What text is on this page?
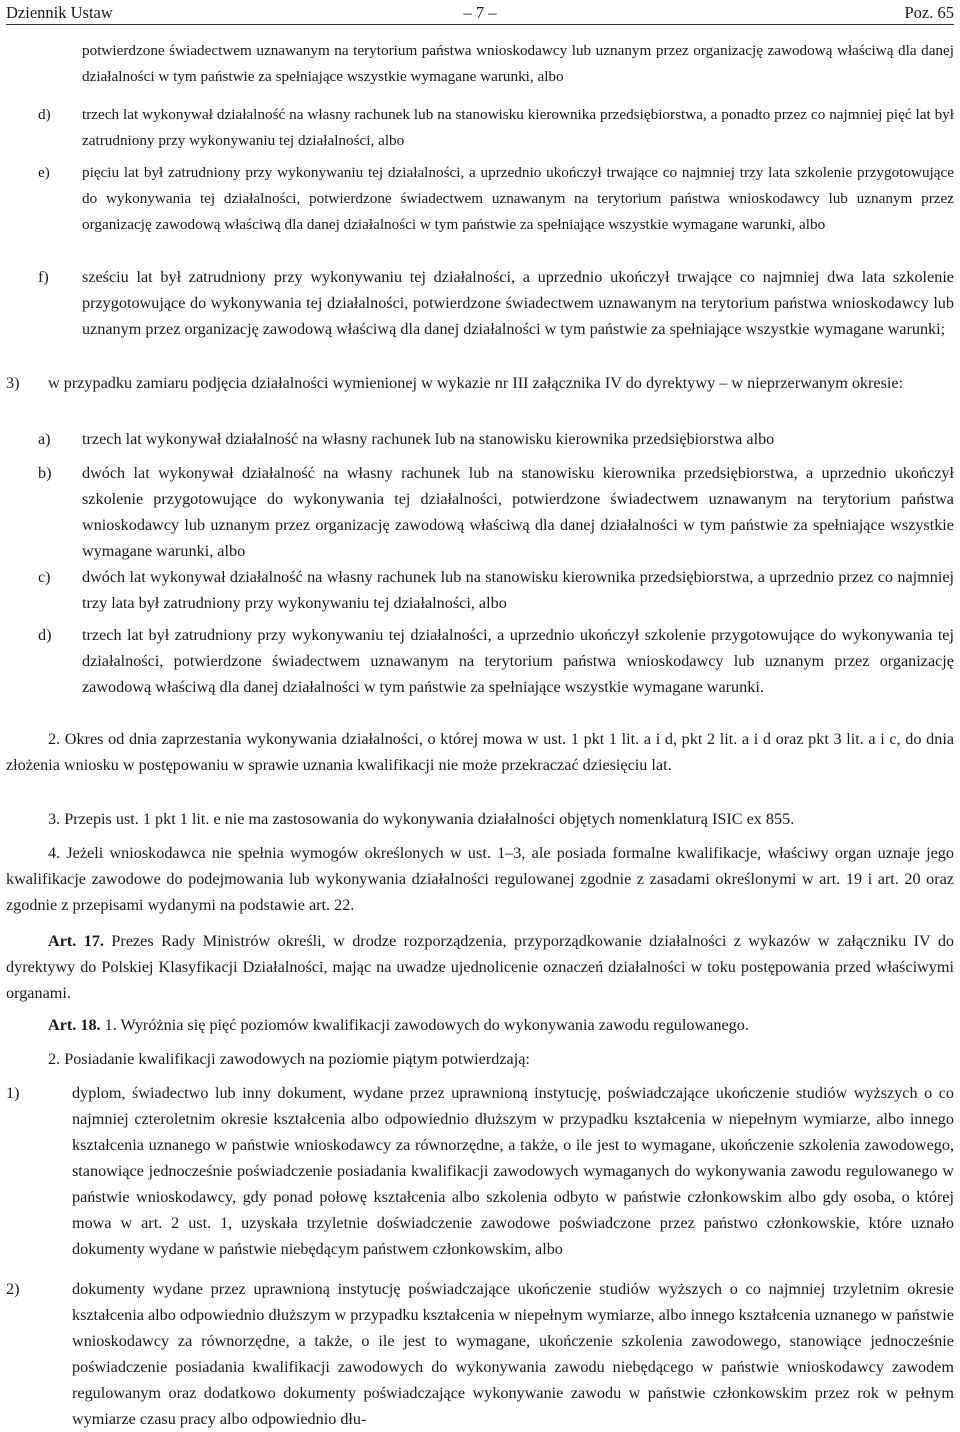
Dziennik Ustaw	– 7 –	Poz. 65

potwierdzone świadectwem uznawanym na terytorium państwa wnioskodawcy lub uznanym przez organizację zawodową właściwą dla danej działalności w tym państwie za spełniające wszystkie wymagane warunki, albo

d) trzech lat wykonywał działalność na własny rachunek lub na stanowisku kierownika przedsiębiorstwa, a ponadto przez co najmniej pięć lat był zatrudniony przy wykonywaniu tej działalności, albo

e) pięciu lat był zatrudniony przy wykonywaniu tej działalności, a uprzednio ukończył trwające co najmniej trzy lata szkolenie przygotowujące do wykonywania tej działalności, potwierdzone świadectwem uznawanym na terytorium państwa wnioskodawcy lub uznanym przez organizację zawodową właściwą dla danej działalności w tym państwie za spełniające wszystkie wymagane warunki, albo

f) sześciu lat był zatrudniony przy wykonywaniu tej działalności, a uprzednio ukończył trwające co najmniej dwa lata szkolenie przygotowujące do wykonywania tej działalności, potwierdzone świadectwem uznawanym na terytorium państwa wnioskodawcy lub uznanym przez organizację zawodową właściwą dla danej działalności w tym państwie za spełniające wszystkie wymagane warunki;

3) w przypadku zamiaru podjęcia działalności wymienionej w wykazie nr III załącznika IV do dyrektywy – w nieprzerwanym okresie:

a) trzech lat wykonywał działalność na własny rachunek lub na stanowisku kierownika przedsiębiorstwa albo

b) dwóch lat wykonywał działalność na własny rachunek lub na stanowisku kierownika przedsiębiorstwa, a uprzednio ukończył szkolenie przygotowujące do wykonywania tej działalności, potwierdzone świadectwem uznawanym na terytorium państwa wnioskodawcy lub uznanym przez organizację zawodową właściwą dla danej działalności w tym państwie za spełniające wszystkie wymagane warunki, albo

c) dwóch lat wykonywał działalność na własny rachunek lub na stanowisku kierownika przedsiębiorstwa, a uprzednio przez co najmniej trzy lata był zatrudniony przy wykonywaniu tej działalności, albo

d) trzech lat był zatrudniony przy wykonywaniu tej działalności, a uprzednio ukończył szkolenie przygotowujące do wykonywania tej działalności, potwierdzone świadectwem uznawanym na terytorium państwa wnioskodawcy lub uznanym przez organizację zawodową właściwą dla danej działalności w tym państwie za spełniające wszystkie wymagane warunki.

2. Okres od dnia zaprzestania wykonywania działalności, o której mowa w ust. 1 pkt 1 lit. a i d, pkt 2 lit. a i d oraz pkt 3 lit. a i c, do dnia złożenia wniosku w postępowaniu w sprawie uznania kwalifikacji nie może przekraczać dziesięciu lat.

3. Przepis ust. 1 pkt 1 lit. e nie ma zastosowania do wykonywania działalności objętych nomenklaturą ISIC ex 855.

4. Jeżeli wnioskodawca nie spełnia wymogów określonych w ust. 1–3, ale posiada formalne kwalifikacje, właściwy organ uznaje jego kwalifikacje zawodowe do podejmowania lub wykonywania działalności regulowanej zgodnie z zasadami określonymi w art. 19 i art. 20 oraz zgodnie z przepisami wydanymi na podstawie art. 22.

Art. 17. Prezes Rady Ministrów określi, w drodze rozporządzenia, przyporządkowanie działalności z wykazów w załączniku IV do dyrektywy do Polskiej Klasyfikacji Działalności, mając na uwadze ujednolicenie oznaczeń działalności w toku postępowania przed właściwymi organami.

Art. 18. 1. Wyróżnia się pięć poziomów kwalifikacji zawodowych do wykonywania zawodu regulowanego.

2. Posiadanie kwalifikacji zawodowych na poziomie piątym potwierdzają:

1)	dyplom, świadectwo lub inny dokument, wydane przez uprawnioną instytucję, poświadczające ukończenie studiów wyższych o co najmniej czteroletnim okresie kształcenia albo odpowiednio dłuższym w przypadku kształcenia w niepełnym wymiarze, albo innego kształcenia uznanego w państwie wnioskodawcy za równorzędne, a także, o ile jest to wymagane, ukończenie szkolenia zawodowego, stanowiące jednocześnie poświadczenie posiadania kwalifikacji zawodowych wymaganych do wykonywania zawodu regulowanego w państwie wnioskodawcy, gdy ponad połowę kształcenia albo szkolenia odbyto w państwie członkowskim albo gdy osoba, o której mowa w art. 2 ust. 1, uzyskała trzyletnie doświadczenie zawodowe poświadczone przez państwo członkowskie, które uznało dokumenty wydane w państwie niebędącym państwem członkowskim, albo

2)	dokumenty wydane przez uprawnioną instytucję poświadczające ukończenie studiów wyższych o co najmniej trzyletnim okresie kształcenia albo odpowiednio dłuższym w przypadku kształcenia w niepełnym wymiarze, albo innego kształcenia uznanego w państwie wnioskodawcy za równorzędne, a także, o ile jest to wymagane, ukończenie szkolenia zawodowego, stanowiące jednocześnie poświadczenie posiadania kwalifikacji zawodowych do wykonywania zawodu niebędącego w państwie wnioskodawcy zawodem regulowanym oraz dodatkowo dokumenty poświadczające wykonywanie zawodu w państwie członkowskim przez rok w pełnym wymiarze czasu pracy albo odpowiednio dłu-
